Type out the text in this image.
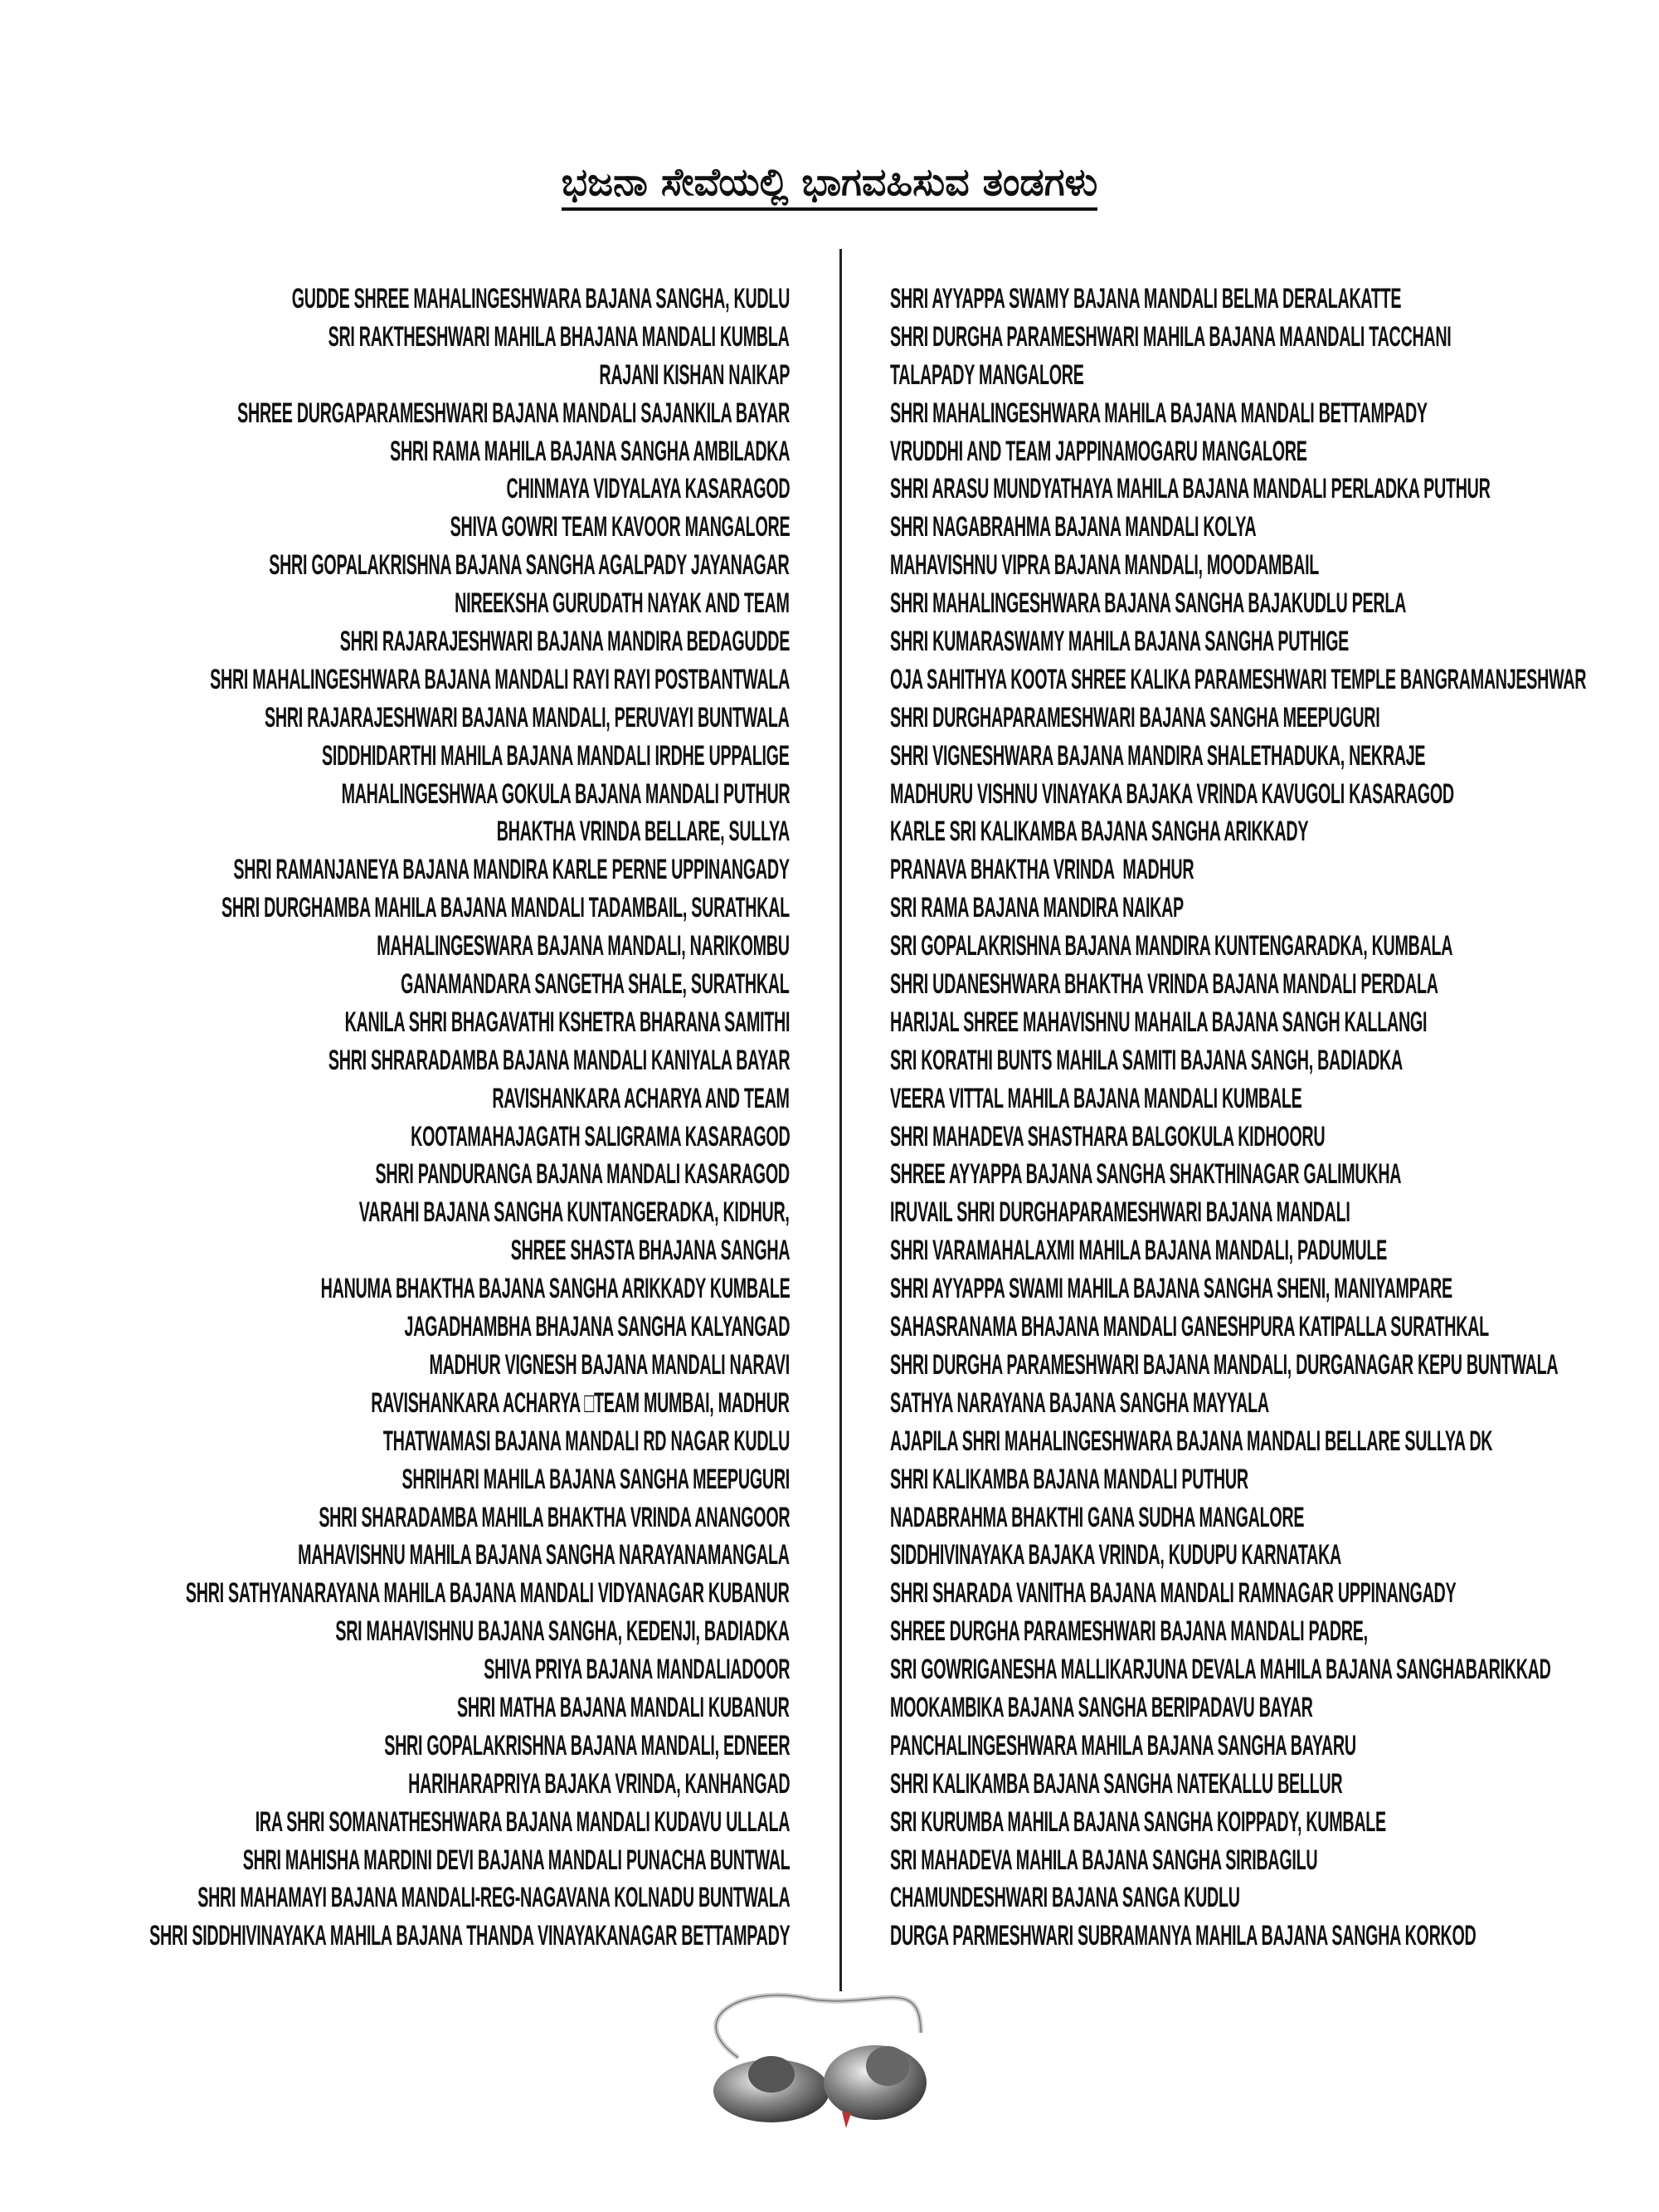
ಭಜನಾ ಸೇವೆಯಲ್ಲಿ ಭಾಗವಹಿಸುವ ತಂಡಗಳು
GUDDE SHREE MAHALINGESHWARA BAJANA SANGHA, KUDLU
SRI RAKTHESHWARI MAHILA BHAJANA MANDALI KUMBLA
RAJANI KISHAN NAIKAP
SHREE DURGAPARAMESHWARI BAJANA MANDALI SAJANKILA BAYAR
SHRI RAMA MAHILA BAJANA SANGHA AMBILADKA
CHINMAYA VIDYALAYA KASARAGOD
SHIVA GOWRI TEAM KAVOOR MANGALORE
SHRI GOPALAKRISHNA BAJANA SANGHA AGALPADY JAYANAGAR
NIREEKSHA GURUDATH NAYAK AND TEAM
SHRI RAJARAJESHWARI BAJANA MANDIRA BEDAGUDDE
SHRI MAHALINGESHWARA BAJANA MANDALI RAYI RAYI POSTBANTWALA
SHRI RAJARAJESHWARI BAJANA MANDALI, PERUVAYI BUNTWALA
SIDDHIDARTHI MAHILA BAJANA MANDALI IRDHE UPPALIGE
MAHALINGESHWAA GOKULA BAJANA MANDALI PUTHUR
BHAKTHA VRINDA BELLARE, SULLYA
SHRI RAMANJANEYA BAJANA MANDIRA KARLE PERNE UPPINANGADY
SHRI DURGHAMBA MAHILA BAJANA MANDALI TADAMBAIL, SURATHKAL
MAHALINGESWARA BAJANA MANDALI, NARIKOMBU
GANAMANDARA SANGETHA SHALE, SURATHKAL
KANILA SHRI BHAGAVATHI KSHETRA BHARANA SAMITHI
SHRI SHRARADAMBA BAJANA MANDALI KANIYALA BAYAR
RAVISHANKARA ACHARYA AND TEAM
KOOTAMAHAJAGATH SALIGRAMA KASARAGOD
SHRI PANDURANGA BAJANA MANDALI KASARAGOD
VARAHI BAJANA SANGHA KUNTANGERADKA, KIDHUR,
SHREE SHASTA BHAJANA SANGHA
HANUMA BHAKTHA BAJANA SANGHA ARIKKADY KUMBALE
JAGADHAMBHA BHAJANA SANGHA KALYANGAD
MADHUR VIGNESH BAJANA MANDALI NARAVI
RAVISHANKARA ACHARYA □TEAM MUMBAI, MADHUR
THATWAMASI BAJANA MANDALI RD NAGAR KUDLU
SHRIHARI MAHILA BAJANA SANGHA MEEPUGURI
SHRI SHARADAMBA MAHILA BHAKTHA VRINDA ANANGOOR
MAHAVISHNU MAHILA BAJANA SANGHA NARAYANAMANGALA
SHRI SATHYANARAYANA MAHILA BAJANA MANDALI VIDYANAGAR KUBANUR
SRI MAHAVISHNU BAJANA SANGHA, KEDENJI, BADIADKA
SHIVA PRIYA BAJANA MANDALIADOOR
SHRI MATHA BAJANA MANDALI KUBANUR
SHRI GOPALAKRISHNA BAJANA MANDALI, EDNEER
HARIHARAPRIYA BAJAKA VRINDA, KANHANGAD
IRA SHRI SOMANATHESHWARA BAJANA MANDALI KUDAVU ULLALA
SHRI MAHISHA MARDINI DEVI BAJANA MANDALI PUNACHA BUNTWAL
SHRI MAHAMAYI BAJANA MANDALI-REG-NAGAVANA KOLNADU BUNTWALA
SHRI SIDDHIVINAYAKA MAHILA BAJANA THANDA VINAYAKANAGAR BETTAMPADY
SHRI AYYAPPA SWAMY BAJANA MANDALI BELMA DERALAKATTE
SHRI DURGHA PARAMESHWARI MAHILA BAJANA MAANDALI TACCHANI
TALAPADY MANGALORE
SHRI MAHALINGESHWARA MAHILA BAJANA MANDALI BETTAMPADY
VRUDDHI AND TEAM JAPPINAMOGARU MANGALORE
SHRI ARASU MUNDYATHAYA MAHILA BAJANA MANDALI PERLADKA PUTHUR
SHRI NAGABRAHMA BAJANA MANDALI KOLYA
MAHAVISHNU VIPRA BAJANA MANDALI, MOODAMBAIL
SHRI MAHALINGESHWARA BAJANA SANGHA BAJAKUDLU PERLA
SHRI KUMARASWAMY MAHILA BAJANA SANGHA PUTHIGE
OJA SAHITHYA KOOTA SHREE KALIKA PARAMESHWARI TEMPLE BANGRAMANJESHWAR
SHRI DURGHAPARAMESHWARI BAJANA SANGHA MEEPUGURI
SHRI VIGNESHWARA BAJANA MANDIRA SHALETHADUKA, NEKRAJE
MADHURU VISHNU VINAYAKA BAJAKA VRINDA KAVUGOLI KASARAGOD
KARLE SRI KALIKAMBA BAJANA SANGHA ARIKKADY
PRANAVA BHAKTHA VRINDA  MADHUR
SRI RAMA BAJANA MANDIRA NAIKAP
SRI GOPALAKRISHNA BAJANA MANDIRA KUNTENGARADKA, KUMBALA
SHRI UDANESHWARA BHAKTHA VRINDA BAJANA MANDALI PERDALA
HARIJAL SHREE MAHAVISHNU MAHAILA BAJANA SANGH KALLANGI
SRI KORATHI BUNTS MAHILA SAMITI BAJANA SANGH, BADIADKA
VEERA VITTAL MAHILA BAJANA MANDALI KUMBALE
SHRI MAHADEVA SHASTHARA BALGOKULA KIDHOORU
SHREE AYYAPPA BAJANA SANGHA SHAKTHINAGAR GALIMUKHA
IRUVAIL SHRI DURGHAPARAMESHWARI BAJANA MANDALI
SHRI VARAMAHALAXMI MAHILA BAJANA MANDALI, PADUMULE
SHRI AYYAPPA SWAMI MAHILA BAJANA SANGHA SHENI, MANIYAMPARE
SAHASRANAMA BHAJANA MANDALI GANESHPURA KATIPALLA SURATHKAL
SHRI DURGHA PARAMESHWARI BAJANA MANDALI, DURGANAGAR KEPU BUNTWALA
SATHYA NARAYANA BAJANA SANGHA MAYYALA
AJAPILA SHRI MAHALINGESHWARA BAJANA MANDALI BELLARE SULLYA DK
SHRI KALIKAMBA BAJANA MANDALI PUTHUR
NADABRAHMA BHAKTHI GANA SUDHA MANGALORE
SIDDHIVINAYAKA BAJAKA VRINDA, KUDUPU KARNATAKA
SHRI SHARADA VANITHA BAJANA MANDALI RAMNAGAR UPPINANGADY
SHREE DURGHA PARAMESHWARI BAJANA MANDALI PADRE,
SRI GOWRIGANESHA MALLIKARJUNA DEVALA MAHILA BAJANA SANGHABARIKKAD
MOOKAMBIKA BAJANA SANGHA BERIPADAVU BAYAR
PANCHALINGESHWARA MAHILA BAJANA SANGHA BAYARU
SHRI KALIKAMBA BAJANA SANGHA NATEKALLU BELLUR
SRI KURUMBA MAHILA BAJANA SANGHA KOIPPADY, KUMBALE
SRI MAHADEVA MAHILA BAJANA SANGHA SIRIBAGILU
CHAMUNDESHWARI BAJANA SANGA KUDLU
DURGA PARMESHWARI SUBRAMANYA MAHILA BAJANA SANGHA KORKOD
